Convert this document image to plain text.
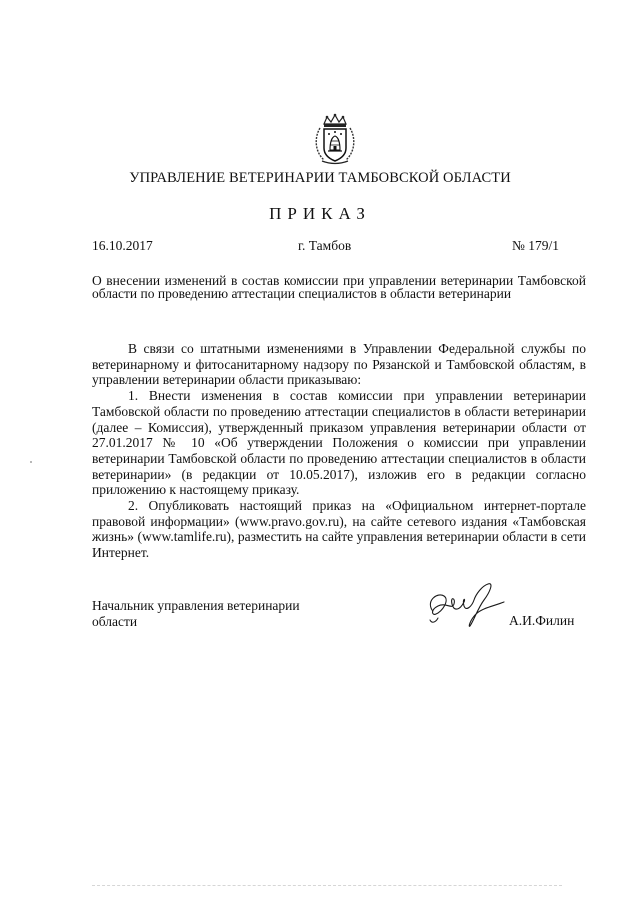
УПРАВЛЕНИЕ ВЕТЕРИНАРИИ ТАМБОВСКОЙ ОБЛАСТИ
ПРИКАЗ
16.10.2017	г. Тамбов	№ 179/1
О внесении изменений в состав комиссии при управлении ветеринарии Тамбовской области по проведению аттестации специалистов в области ветеринарии

В связи со штатными изменениями в Управлении Федеральной службы по ветеринарному и фитосанитарному надзору по Рязанской и Тамбовской областям, в управлении ветеринарии области приказываю:

1. Внести изменения в состав комиссии при управлении ветеринарии Тамбовской области по проведению аттестации специалистов в области ветеринарии (далее – Комиссия), утвержденный приказом управления ветеринарии области от 27.01.2017 № 10 «Об утверждении Положения о комиссии при управлении ветеринарии Тамбовской области по проведению аттестации специалистов в области ветеринарии» (в редакции от 10.05.2017), изложив его в редакции согласно приложению к настоящему приказу.

2. Опубликовать настоящий приказ на «Официальном интернет-портале правовой информации» (www.pravo.gov.ru), на сайте сетевого издания «Тамбовская жизнь» (www.tamlife.ru), разместить на сайте управления ветеринарии области в сети Интернет.

Начальник управления ветеринарии
области	А.И.Филин
